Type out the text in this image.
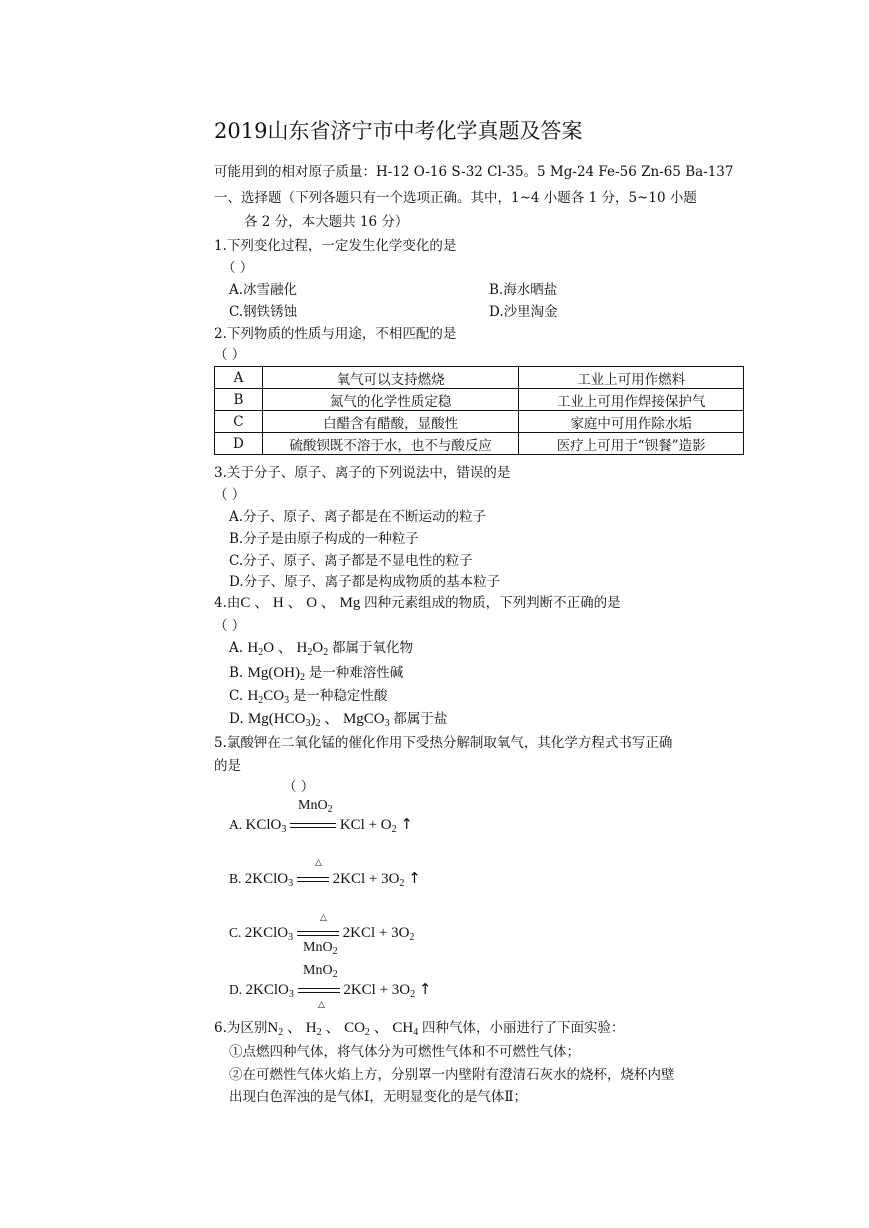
2019山东省济宁市中考化学真题及答案
可能用到的相对原子质量：H-12 O-16 S-32 Cl-35。5 Mg-24 Fe-56 Zn-65 Ba-137
一、选择题（下列各题只有一个选项正确。其中，1~4 小题各 1 分，5~10 小题
各 2 分，本大题共 16 分）
1.下列变化过程，一定发生化学变化的是
（ ）
A.冰雪融化	B.海水晒盐
C.钢铁锈蚀	D.沙里淘金
2.下列物质的性质与用途，不相匹配的是
（ ）
A	氧气可以支持燃烧	工业上可用作燃料
B	氮气的化学性质定稳	工业上可用作焊接保护气
C	白醋含有醋酸，显酸性	家庭中可用作除水垢
D	硫酸钡既不溶于水，也不与酸反应	医疗上可用于“钡餐”造影
3.关于分子、原子、离子的下列说法中，错误的是
（ ）
A.分子、原子、离子都是在不断运动的粒子
B.分子是由原子构成的一种粒子
C.分子、原子、离子都是不显电性的粒子
D.分子、原子、离子都是构成物质的基本粒子
4.由C 、 H 、 O 、 Mg 四种元素组成的物质，下列判断不正确的是
（ ）
A. $H_2O$ 、 $H_2O_2$ 都属于氧化物
B. $Mg(OH)_2$ 是一种难溶性碱
C. $H_2CO_3$ 是一种稳定性酸
D. $Mg(HCO_3)_2$ 、 MgCO$_3$ 都属于盐
5.氯酸钾在二氧化锰的催化作用下受热分解制取氧气，其化学方程式书写正确
的是
（ ）
MnO$_2$
A. KClO$_3$	KCl + $O_2$ ↑
△
B. 2KClO$_3$  $2KCl + 3O_2$ ↑
△
C. 2KClO$_3$	$2KCl + 3O_2$
MnO$_2$
MnO$_2$
D. 2KClO$_3$	$2KCl + 3O_2$ ↑
△
6.为区别$N_2$ 、 $H_2$ 、 $CO_2$ 、 $CH_4$ 四种气体，小丽进行了下面实验：
①点燃四种气体，将气体分为可燃性气体和不可燃性气体；
②在可燃性气体火焰上方，分别罩一内壁附有澄清石灰水的烧杯，烧杯内壁
出现白色浑浊的是气体Ⅰ，无明显变化的是气体Ⅱ；
